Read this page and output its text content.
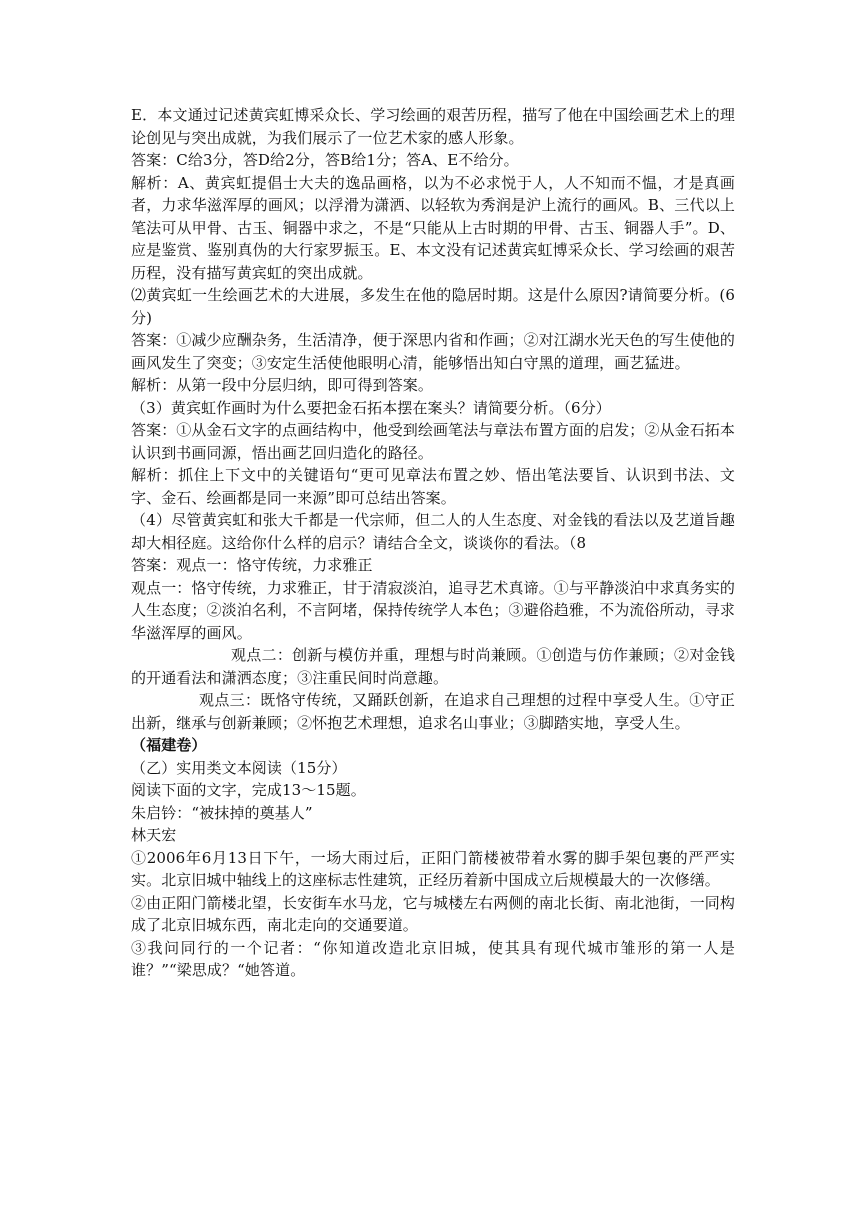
E．本文通过记述黄宾虹博采众长、学习绘画的艰苦历程，描写了他在中国绘画艺术上的理论创见与突出成就，为我们展示了一位艺术家的感人形象。

答案：C给3分，答D给2分，答B给1分；答A、E不给分。

解析：A、黄宾虹提倡士大夫的逸品画格，以为不必求悦于人，人不知而不愠，才是真画者，力求华滋浑厚的画风；以浮滑为潇洒、以轻软为秀润是沪上流行的画风。B、三代以上笔法可从甲骨、古玉、铜器中求之，不是“只能从上古时期的甲骨、古玉、铜器人手”。D、应是鉴赏、鉴别真伪的大行家罗振玉。E、本文没有记述黄宾虹博采众长、学习绘画的艰苦历程，没有描写黄宾虹的突出成就。

⑵黄宾虹一生绘画艺术的大进展，多发生在他的隐居时期。这是什么原因?请简要分析。(6分)

答案：①减少应酬杂务，生活清净，便于深思内省和作画；②对江湖水光天色的写生使他的画风发生了突变；③安定生活使他眼明心清，能够悟出知白守黑的道理，画艺猛进。

解析：从第一段中分层归纳，即可得到答案。

（3）黄宾虹作画时为什么要把金石拓本摆在案头？请简要分析。（6分）

答案：①从金石文字的点画结构中，他受到绘画笔法与章法布置方面的启发；②从金石拓本认识到书画同源，悟出画艺回归造化的路径。

解析：抓住上下文中的关键语句“更可见章法布置之妙、悟出笔法要旨、认识到书法、文字、金石、绘画都是同一来源”即可总结出答案。

（4）尽管黄宾虹和张大千都是一代宗师，但二人的人生态度、对金钱的看法以及艺道旨趣却大相径庭。这给你什么样的启示？请结合全文，谈谈你的看法。（8

答案：观点一：恪守传统，力求雅正

观点一：恪守传统，力求雅正，甘于清寂淡泊，追寻艺术真谛。①与平静淡泊中求真务实的人生态度；②淡泊名利，不言阿堵，保持传统学人本色；③避俗趋雅，不为流俗所动，寻求华滋浑厚的画风。

观点二：创新与模仿并重，理想与时尚兼顾。①创造与仿作兼顾；②对金钱的开通看法和潇洒态度；③注重民间时尚意趣。

观点三：既恪守传统，又踊跃创新，在追求自己理想的过程中享受人生。①守正出新，继承与创新兼顾；②怀抱艺术理想，追求名山事业；③脚踏实地，享受人生。

（福建卷）

（乙）实用类文本阅读（15分）

阅读下面的文字，完成13～15题。

朱启钤：“被抹掉的奠基人”

林天宏

①2006年6月13日下午，一场大雨过后，正阳门箭楼被带着水雾的脚手架包裹的严严实实。北京旧城中轴线上的这座标志性建筑，正经历着新中国成立后规模最大的一次修缮。

②由正阳门箭楼北望，长安街车水马龙，它与城楼左右两侧的南北长街、南北池街，一同构成了北京旧城东西，南北走向的交通要道。

③我问同行的一个记者：“你知道改造北京旧城，使其具有现代城市雏形的第一人是谁？”“梁思成？“她答道。
